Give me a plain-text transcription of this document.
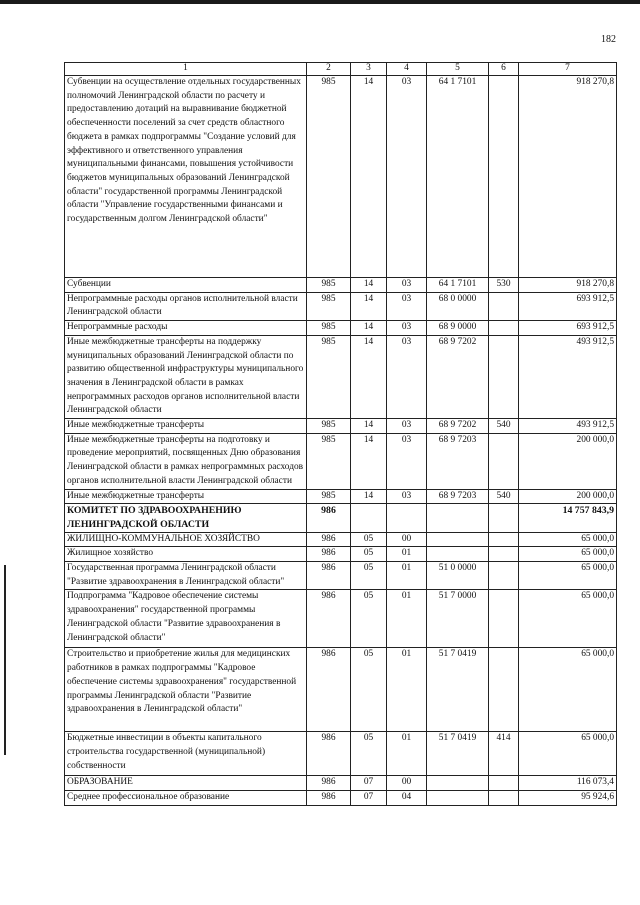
182
1	2	3	4	5	6	7
Субвенции на осуществление отдельных государственных полномочий Ленинградской области по расчету и предоставлению дотаций на выравнивание бюджетной обеспеченности поселений за счет средств областного бюджета в рамках подпрограммы "Создание условий для эффективного и ответственного управления муниципальными финансами, повышения устойчивости бюджетов муниципальных образований Ленинградской области" государственной программы Ленинградской области "Управление государственными финансами и государственным долгом Ленинградской области"	985	14	03	64 1 7101		918 270,8
Субвенции	985	14	03	64 1 7101	530	918 270,8
Непрограммные расходы органов исполнительной власти Ленинградской области	985	14	03	68 0 0000		693 912,5
Непрограммные расходы	985	14	03	68 9 0000		693 912,5
Иные межбюджетные трансферты на поддержку муниципальных образований Ленинградской области по развитию общественной инфраструктуры муниципального значения в Ленинградской области в рамках непрограммных расходов органов исполнительной власти Ленинградской области	985	14	03	68 9 7202		493 912,5
Иные межбюджетные трансферты	985	14	03	68 9 7202	540	493 912,5
Иные межбюджетные трансферты на подготовку и проведение мероприятий, посвященных Дню образования Ленинградской области в рамках непрограммных расходов органов исполнительной власти Ленинградской области	985	14	03	68 9 7203		200 000,0
Иные межбюджетные трансферты	985	14	03	68 9 7203	540	200 000,0
КОМИТЕТ ПО ЗДРАВООХРАНЕНИЮ ЛЕНИНГРАДСКОЙ ОБЛАСТИ	986					14 757 843,9
ЖИЛИЩНО-КОММУНАЛЬНОЕ ХОЗЯЙСТВО	986	05	00			65 000,0
Жилищное хозяйство	986	05	01			65 000,0
Государственная программа Ленинградской области "Развитие здравоохранения в Ленинградской области"	986	05	01	51 0 0000		65 000,0
Подпрограмма "Кадровое обеспечение системы здравоохранения" государственной программы Ленинградской области "Развитие здравоохранения в Ленинградской области"	986	05	01	51 7 0000		65 000,0
Строительство и приобретение жилья для медицинских работников в рамках подпрограммы "Кадровое обеспечение системы здравоохранения" государственной программы Ленинградской области "Развитие здравоохранения в Ленинградской области"	986	05	01	51 7 0419		65 000,0
Бюджетные инвестиции в объекты капитального строительства государственной (муниципальной) собственности	986	05	01	51 7 0419	414	65 000,0
ОБРАЗОВАНИЕ	986	07	00			116 073,4
Среднее профессиональное образование	986	07	04			95 924,6
